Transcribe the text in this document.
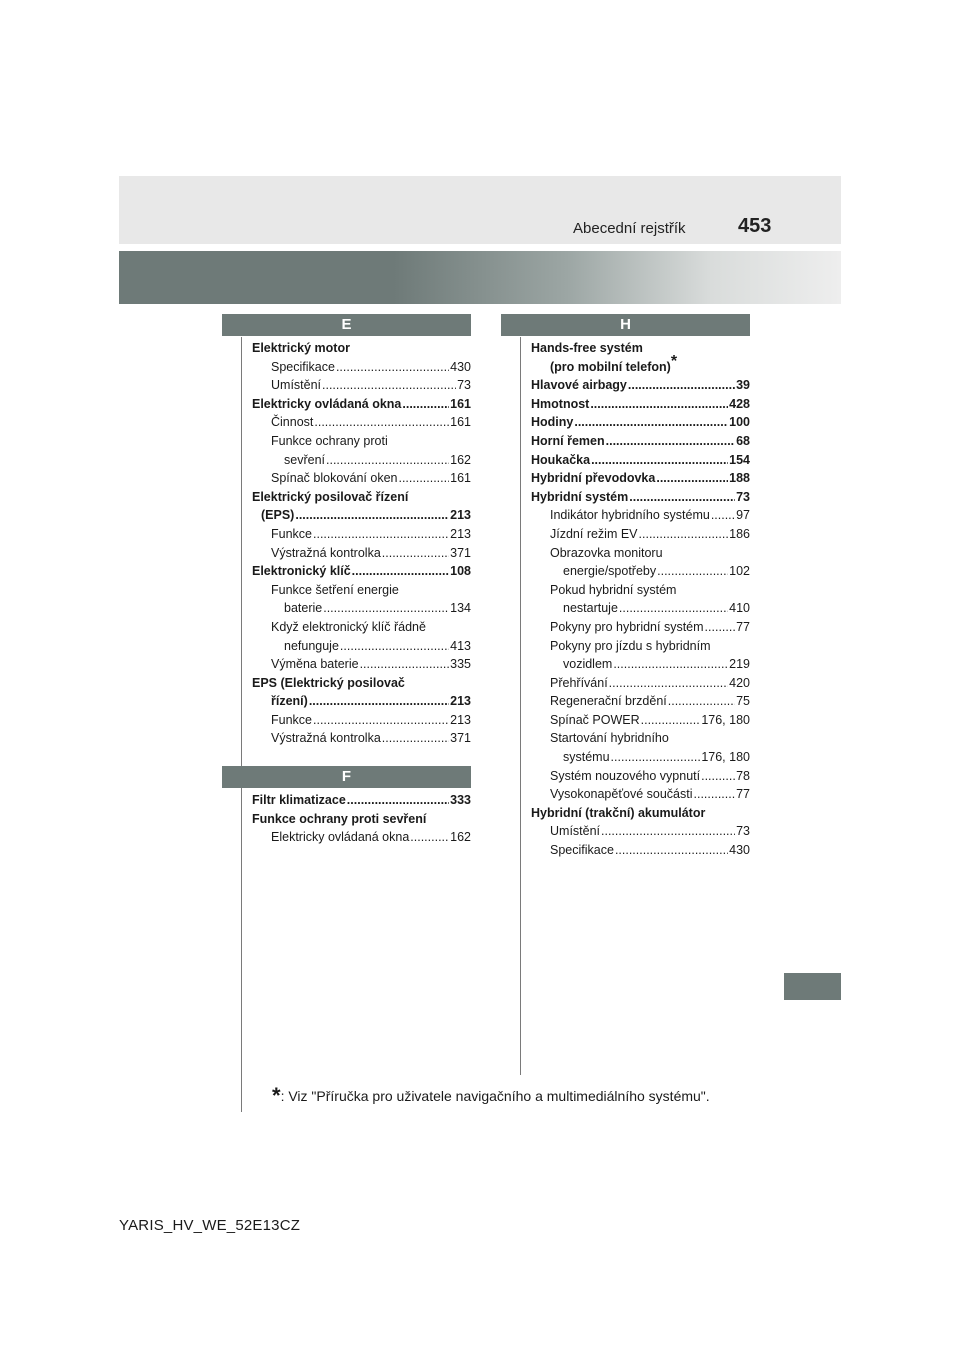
Abecední rejstřík	453
E
Elektrický motor
Specifikace .....	430
Umístění .....	73
Elektricky ovládaná okna .....	161
Činnost .....	161
Funkce ochrany proti
sevření .....	162
Spínač blokování oken .....	161
Elektrický posilovač řízení
(EPS) .....	213
Funkce .....	213
Výstražná kontrolka .....	371
Elektronický klíč .....	108
Funkce šetření energie
baterie .....	134
Když elektronický klíč řádně
nefunguje .....	413
Výměna baterie .....	335
EPS (Elektrický posilovač
řízení) .....	213
Funkce .....	213
Výstražná kontrolka .....	371
F
Filtr klimatizace .....	333
Funkce ochrany proti sevření
Elektricky ovládaná okna .....	162
H
Hands-free systém
(pro mobilní telefon)*
Hlavové airbagy .....	39
Hmotnost .....	428
Hodiny .....	100
Horní řemen .....	68
Houkačka .....	154
Hybridní převodovka .....	188
Hybridní systém .....	73
Indikátor hybridního systému ..... 97
Jízdní režim EV .....	186
Obrazovka monitoru
energie/spotřeby .....	102
Pokud hybridní systém
nestartuje .....	410
Pokyny pro hybridní systém .....	77
Pokyny pro jízdu s hybridním
vozidlem .....	219
Přehřívání .....	420
Regenerační brzdění .....	75
Spínač POWER .....	176, 180
Startování hybridního
systému .....	176, 180
Systém nouzového vypnutí .....	78
Vysokonapěťové součásti .....	77
Hybridní (trakční) akumulátor
Umístění .....	73
Specifikace .....	430
*: Viz "Příručka pro uživatele navigačního a multimediálního systému".
YARIS_HV_WE_52E13CZ
